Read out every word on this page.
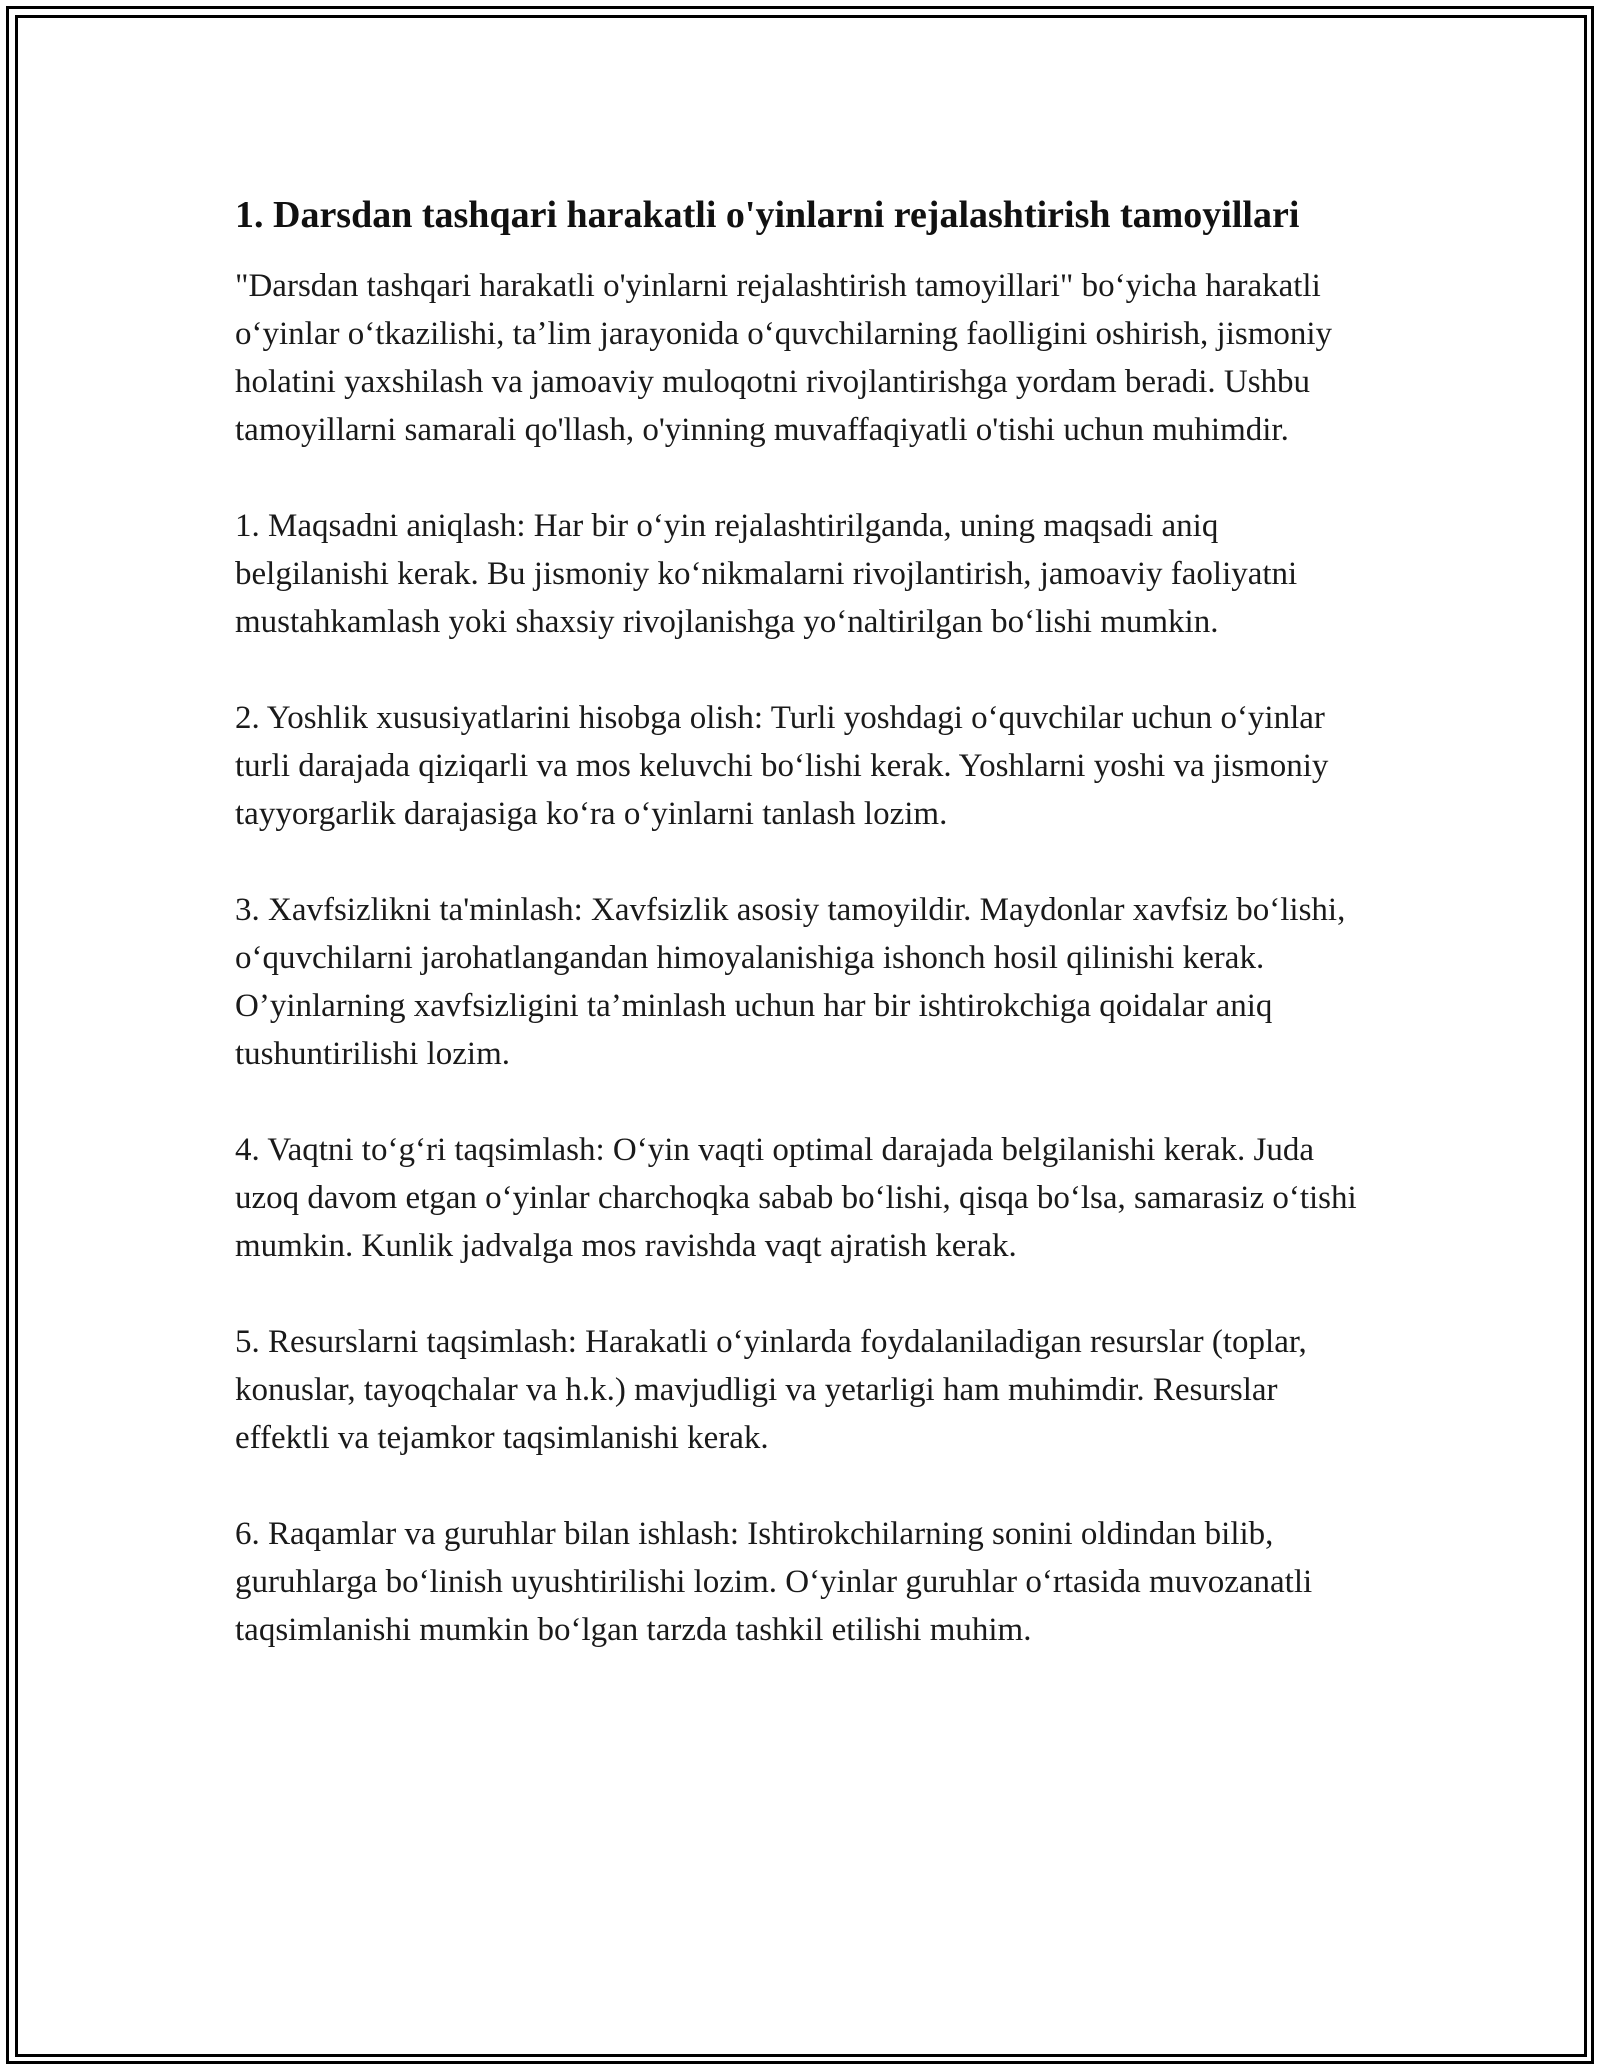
1. Darsdan tashqari harakatli o'yinlarni rejalashtirish tamoyillari

"Darsdan tashqari harakatli o'yinlarni rejalashtirish tamoyillari" boʻyicha harakatli oʻyinlar oʻtkazilishi, taʼlim jarayonida oʻquvchilarning faolligini oshirish, jismoniy holatini yaxshilash va jamoaviy muloqotni rivojlantirishga yordam beradi. Ushbu tamoyillarni samarali qo'llash, o'yinning muvaffaqiyatli o'tishi uchun muhimdir.

1. Maqsadni aniqlash: Har bir oʻyin rejalashtirilganda, uning maqsadi aniq belgilanishi kerak. Bu jismoniy koʻnikmalarni rivojlantirish, jamoaviy faoliyatni mustahkamlash yoki shaxsiy rivojlanishga yoʻnaltirilgan boʻlishi mumkin.

2. Yoshlik xususiyatlarini hisobga olish: Turli yoshdagi oʻquvchilar uchun oʻyinlar turli darajada qiziqarli va mos keluvchi boʻlishi kerak. Yoshlarni yoshi va jismoniy tayyorgarlik darajasiga koʻra oʻyinlarni tanlash lozim.

3. Xavfsizlikni ta'minlash: Xavfsizlik asosiy tamoyildir. Maydonlar xavfsiz boʻlishi, oʻquvchilarni jarohatlangandan himoyalanishiga ishonch hosil qilinishi kerak. O’yinlarning xavfsizligini ta’minlash uchun har bir ishtirokchiga qoidalar aniq tushuntirilishi lozim.

4. Vaqtni toʻgʻri taqsimlash: Oʻyin vaqti optimal darajada belgilanishi kerak. Juda uzoq davom etgan oʻyinlar charchoqka sabab boʻlishi, qisqa boʻlsa, samarasiz oʻtishi mumkin. Kunlik jadvalga mos ravishda vaqt ajratish kerak.

5. Resurslarni taqsimlash: Harakatli oʻyinlarda foydalaniladigan resurslar (toplar, konuslar, tayoqchalar va h.k.) mavjudligi va yetarligi ham muhimdir. Resurslar effektli va tejamkor taqsimlanishi kerak.

6. Raqamlar va guruhlar bilan ishlash: Ishtirokchilarning sonini oldindan bilib, guruhlarga boʻlinish uyushtirilishi lozim. Oʻyinlar guruhlar oʻrtasida muvozanatli taqsimlanishi mumkin boʻlgan tarzda tashkil etilishi muhim.
